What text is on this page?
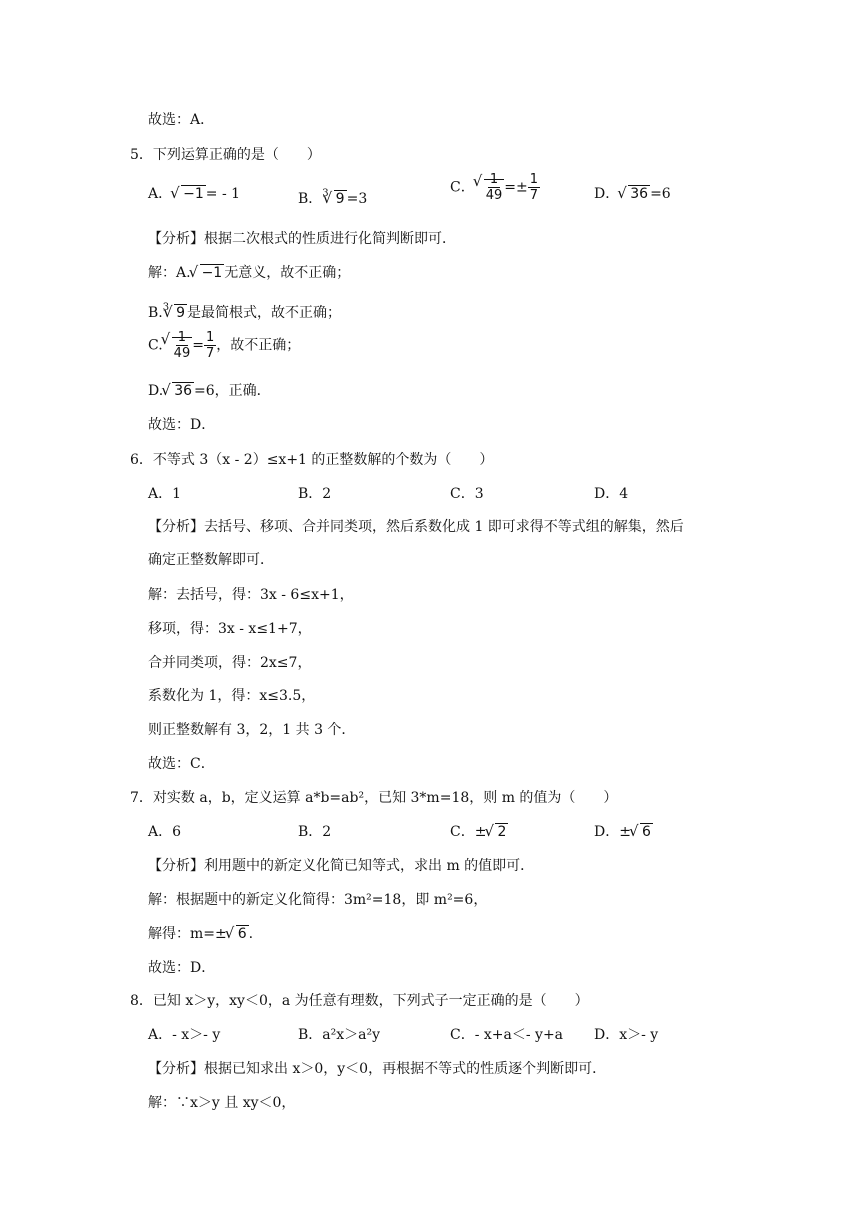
故选：A．
5．下列运算正确的是（　　）
A． √ −1 = - 1	B．$^3$ √ 9 =3
C． √ $\frac{1}{49} =\pm \frac{1}{7}$	D． √ 36 =6
【分析】根据二次根式的性质进行化简判断即可．
解：A. √ −1 无意义，故不正确；
B.$^3$ √ 9 是最简根式，故不正确；
C. √ $\frac{1}{49} = \frac{1}{7}$ ，故不正确；
D. √ 36 =6，正确．
故选：D．
6．不等式 3（x - 2）≤x+1 的正整数解的个数为（　　）
A．1	B．2	C．3	D．4
【分析】去括号、移项、合并同类项，然后系数化成 1 即可求得不等式组的解集，然后
确定正整数解即可．
解：去括号，得：3x - 6≤x+1，
移项，得：3x - x≤1+7，
合并同类项，得：2x≤7，
系数化为 1，得：x≤3.5，
则正整数解有 3，2，1 共 3 个．
故选：C．
7．对实数 a，b，定义运算 a*b=ab²，已知 3*m=18，则 m 的值为（　　）
A．6	B．2	C．± √ 2	D．± √ 6
【分析】利用题中的新定义化简已知等式，求出 m 的值即可．
解：根据题中的新定义化简得：3m²=18，即 m²=6，
解得：m=± √ 6 .
故选：D．
8．已知 x＞y，xy＜0，a 为任意有理数，下列式子一定正确的是（　　）
A．- x＞- y	B．a²x＞a²y	C．- x+a＜- y+a D．x＞- y
【分析】根据已知求出 x＞0，y＜0，再根据不等式的性质逐个判断即可．
解：∵x＞y 且 xy＜0，
